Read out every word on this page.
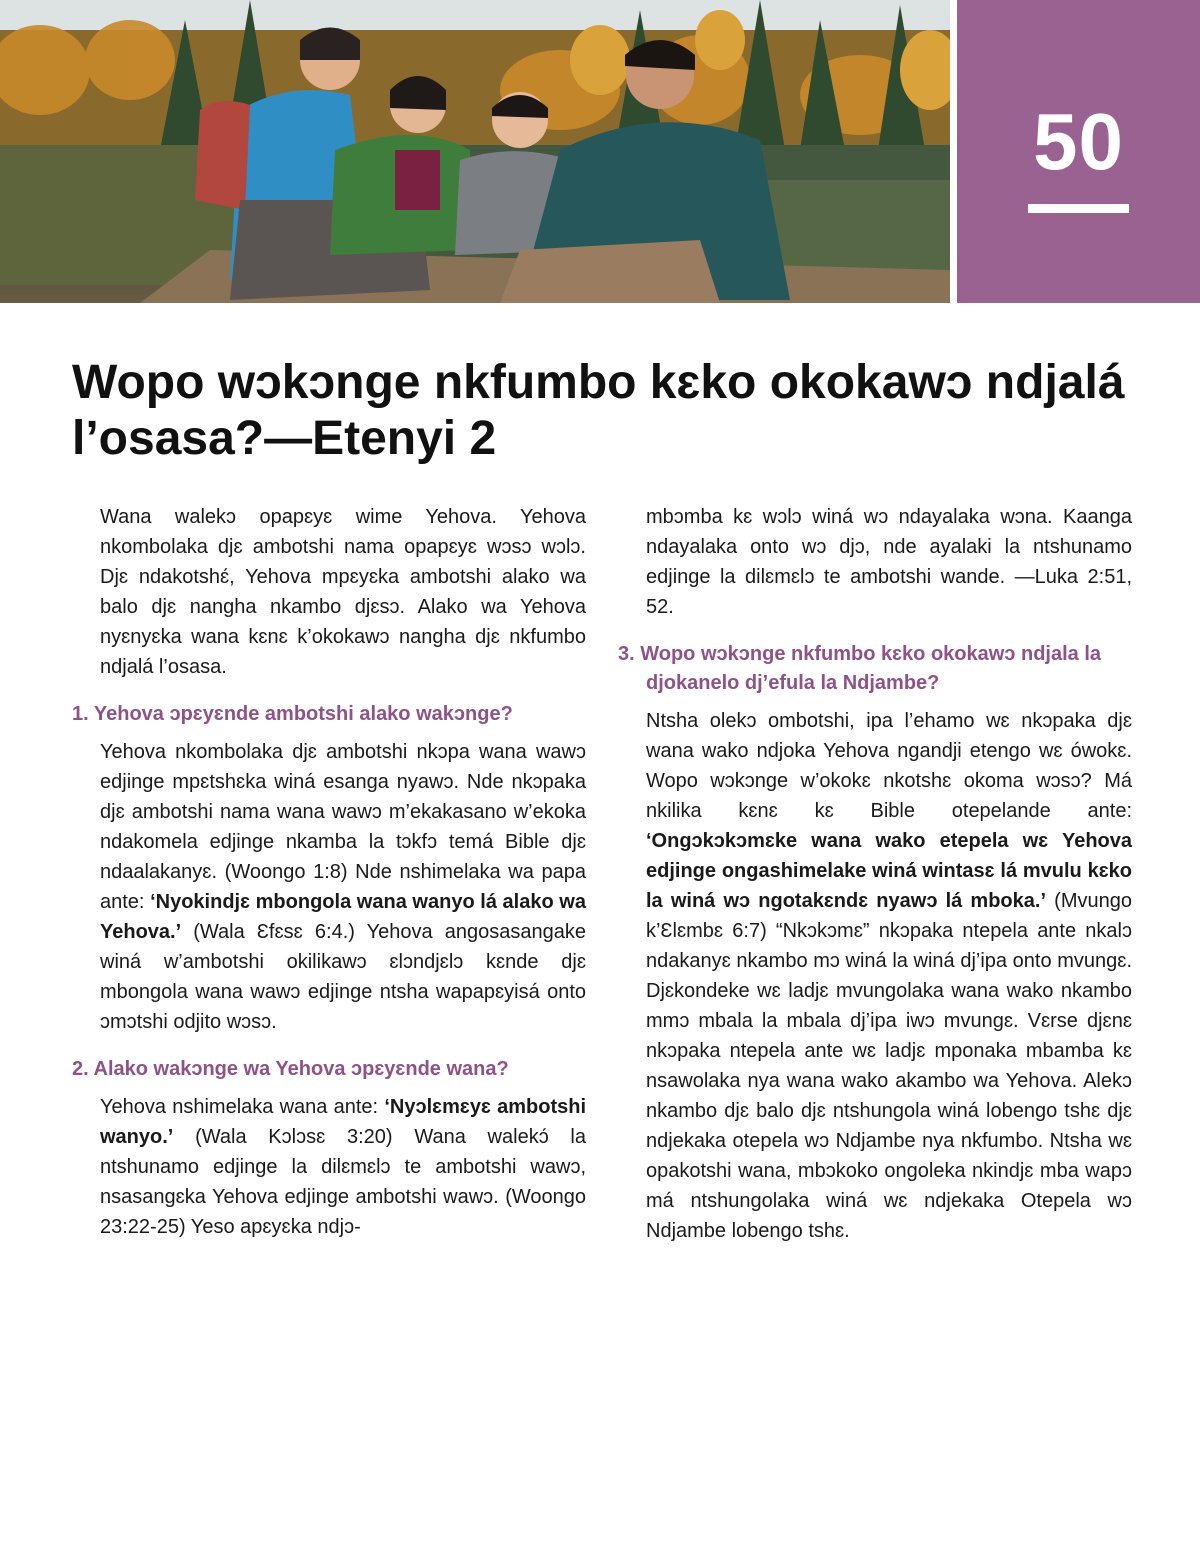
50
Wopo wɔkɔnge nkfumbo kɛko okokawɔ ndjalá l’osasa?—Etenyi 2

Wana walekɔ opapɛyɛ wime Yehova. Yehova nkombolaka djɛ ambotshi nama opapɛyɛ wɔsɔ wɔlɔ. Djɛ ndakotshɛ́, Yehova mpɛyɛka ambotshi alako wa balo djɛ nangha nkambo djɛsɔ. Alako wa Yehova nyɛnyɛka wana kɛnɛ k’okokawɔ nangha djɛ nkfumbo ndjalá l’osasa.

1. Yehova ɔpɛyɛnde ambotshi alako wakɔnge?

Yehova nkombolaka djɛ ambotshi nkɔpa wana wawɔ edjinge mpɛtshɛka winá esanga nyawɔ. Nde nkɔpaka djɛ ambotshi nama wana wawɔ m’ekakasano w’ekoka ndakomela edjinge nkamba la tɔkfɔ temá Bible djɛ ndaalakanyɛ. (Woongo 1:8) Nde nshimelaka wa papa ante: ‘Nyokindjɛ mbongola wana wanyo lá alako wa Yehova.’ (Wala Ɛfɛsɛ 6:4.) Yehova angosasangake winá w’ambotshi okilikawɔ ɛlɔndjɛlɔ kɛnde djɛ mbongola wana wawɔ edjinge ntsha wapapɛyisá onto ɔmɔtshi odjito wɔsɔ.

2. Alako wakɔnge wa Yehova ɔpɛyɛnde wana?

Yehova nshimelaka wana ante: ‘Nyɔlɛmɛyɛ ambotshi wanyo.’ (Wala Kɔlɔsɛ 3:20) Wana walekɔ́ la ntshunamo edjinge la dilɛmɛlɔ te ambotshi wawɔ, nsasangɛka Yehova edjinge ambotshi wawɔ. (Woongo 23:22-25) Yeso apɛyɛka ndjɔ-

mbɔmba kɛ wɔlɔ winá wɔ ndayalaka wɔna. Kaanga ndayalaka onto wɔ djɔ, nde ayalaki la ntshunamo edjinge la dilɛmɛlɔ te ambotshi wande. —Luka 2:51, 52.

3. Wopo wɔkɔnge nkfumbo kɛko okokawɔ ndjala la djokanelo dj’efula la Ndjambe?

Ntsha olekɔ ombotshi, ipa l’ehamo wɛ nkɔpaka djɛ wana wako ndjoka Yehova ngandji etengo wɛ ówokɛ. Wopo wɔkɔnge w’okokɛ nkotshɛ okoma wɔsɔ? Má nkilika kɛnɛ kɛ Bible otepelande ante: ‘Ongɔkɔkɔmɛke wana wako etepela wɛ Yehova edjinge ongashimelake winá wintasɛ lá mvulu kɛko la winá wɔ ngotakɛndɛ nyawɔ lá mboka.’ (Mvungo k’Ɛlɛmbɛ 6:7) “Nkɔkɔmɛ” nkɔpaka ntepela ante nkalɔ ndakanyɛ nkambo mɔ winá la winá dj’ipa onto mvungɛ. Djɛkondeke wɛ ladjɛ mvungolaka wana wako nkambo mmɔ mbala la mbala dj’ipa iwɔ mvungɛ. Vɛrse djɛnɛ nkɔpaka ntepela ante wɛ ladjɛ mponaka mbamba kɛ nsawolaka nya wana wako akambo wa Yehova. Alekɔ nkambo djɛ balo djɛ ntshungola winá lobengo tshɛ djɛ ndjekaka otepela wɔ Ndjambe nya nkfumbo. Ntsha wɛ opakotshi wana, mbɔkoko ongoleka nkindjɛ mba wapɔ má ntshungolaka winá wɛ ndjekaka Otepela wɔ Ndjambe lobengo tshɛ.
